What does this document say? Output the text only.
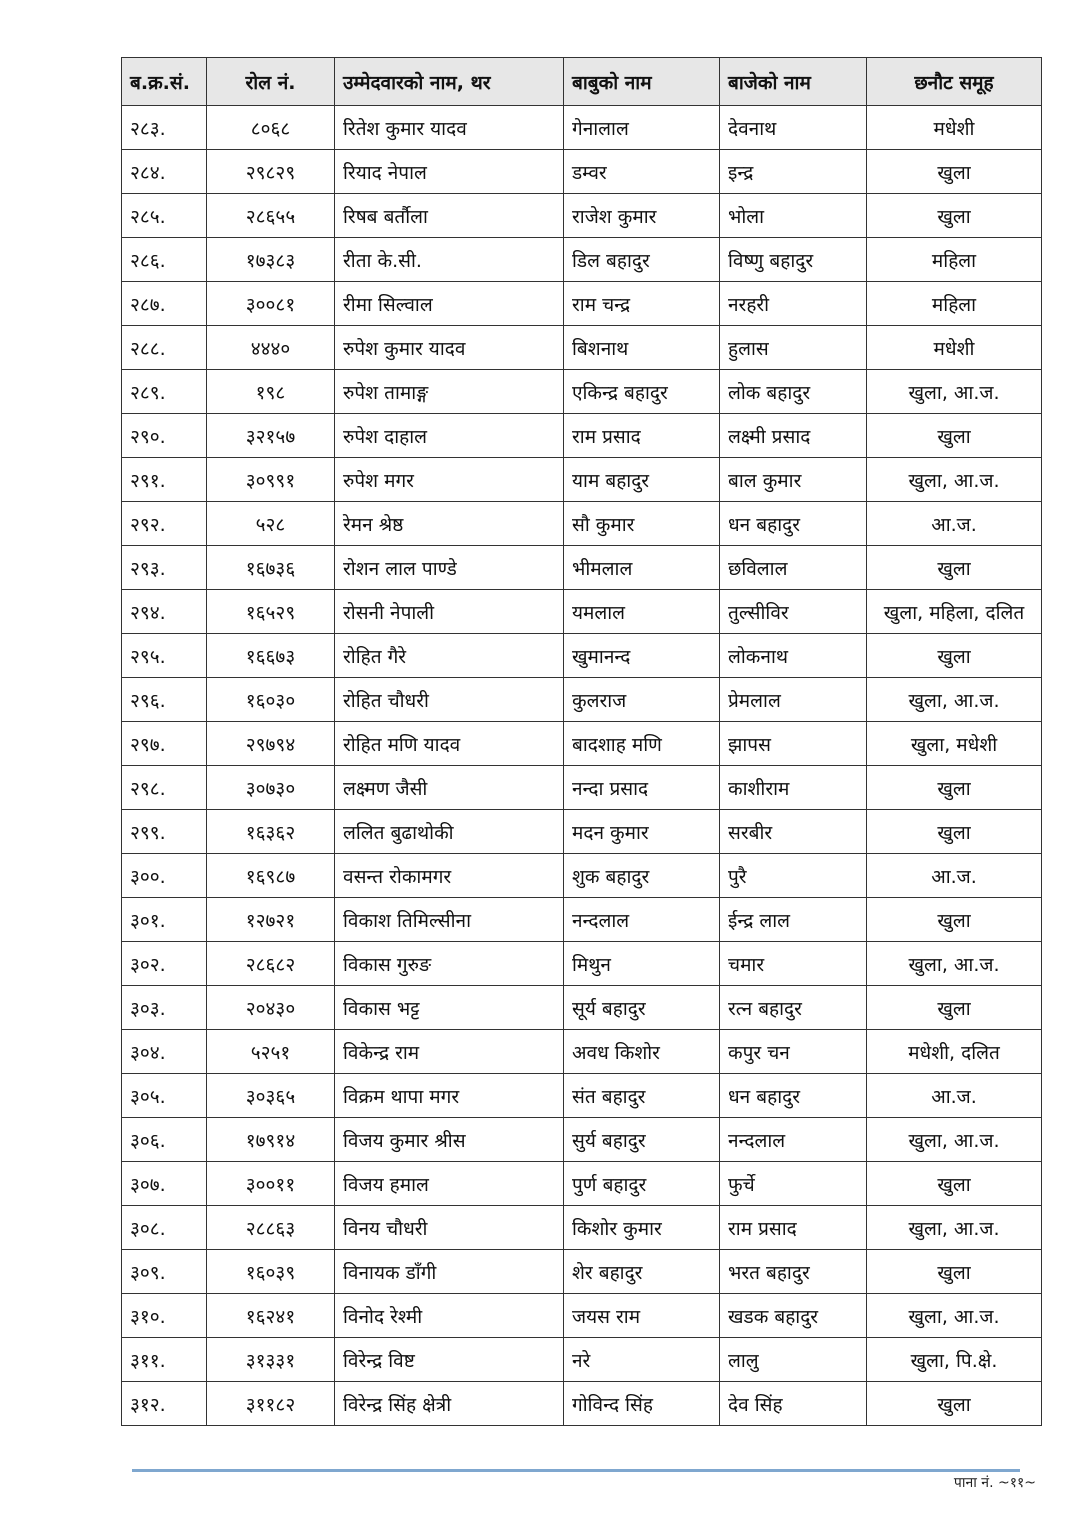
ब.क्र.सं.	रोल नं.	उम्मेदवारको नाम, थर	बाबुको नाम	बाजेको नाम	छनौट समूह
२८३.	८०६८	रितेश कुमार यादव	गेनालाल	देवनाथ	मधेशी
२८४.	२९८२९	रियाद नेपाल	डम्वर	इन्द्र	खुला
२८५.	२८६५५	रिषब बर्तौला	राजेश कुमार	भोला	खुला
२८६.	१७३८३	रीता के.सी.	डिल बहादुर	विष्णु बहादुर	महिला
२८७.	३००८१	रीमा सिल्वाल	राम चन्द्र	नरहरी	महिला
२८८.	४४४०	रुपेश कुमार यादव	बिशनाथ	हुलास	मधेशी
२८९.	१९८	रुपेश तामाङ्ग	एकिन्द्र बहादुर	लोक बहादुर	खुला, आ.ज.
२९०.	३२१५७	रुपेश दाहाल	राम प्रसाद	लक्ष्मी प्रसाद	खुला
२९१.	३०९९१	रुपेश मगर	याम बहादुर	बाल कुमार	खुला, आ.ज.
२९२.	५२८	रेमन श्रेष्ठ	सौ कुमार	धन बहादुर	आ.ज.
२९३.	१६७३६	रोशन लाल पाण्डे	भीमलाल	छविलाल	खुला
२९४.	१६५२९	रोसनी नेपाली	यमलाल	तुल्सीविर	खुला, महिला, दलित
२९५.	१६६७३	रोहित गैरे	खुमानन्द	लोकनाथ	खुला
२९६.	१६०३०	रोहित चौधरी	कुलराज	प्रेमलाल	खुला, आ.ज.
२९७.	२९७९४	रोहित मणि यादव	बादशाह मणि	झापस	खुला, मधेशी
२९८.	३०७३०	लक्ष्मण जैसी	नन्दा प्रसाद	काशीराम	खुला
२९९.	१६३६२	ललित बुढाथोकी	मदन कुमार	सरबीर	खुला
३००.	१६९८७	वसन्त रोकामगर	शुक बहादुर	पुरै	आ.ज.
३०१.	१२७२१	विकाश तिमिल्सीना	नन्दलाल	ईन्द्र लाल	खुला
३०२.	२८६८२	विकास गुरुङ	मिथुन	चमार	खुला, आ.ज.
३०३.	२०४३०	विकास भट्ट	सूर्य बहादुर	रत्न बहादुर	खुला
३०४.	५२५१	विकेन्द्र राम	अवध किशोर	कपुर चन	मधेशी, दलित
३०५.	३०३६५	विक्रम थापा मगर	संत बहादुर	धन बहादुर	आ.ज.
३०६.	१७९१४	विजय कुमार श्रीस	सुर्य बहादुर	नन्दलाल	खुला, आ.ज.
३०७.	३००११	विजय हमाल	पुर्ण बहादुर	फुर्चे	खुला
३०८.	२८८६३	विनय चौधरी	किशोर कुमार	राम प्रसाद	खुला, आ.ज.
३०९.	१६०३९	विनायक डाँगी	शेर बहादुर	भरत बहादुर	खुला
३१०.	१६२४१	विनोद रेश्मी	जयस राम	खडक बहादुर	खुला, आ.ज.
३११.	३१३३१	विरेन्द्र विष्ट	नरे	लालु	खुला, पि.क्षे.
३१२.	३११८२	विरेन्द्र सिंह क्षेत्री	गोविन्द सिंह	देव सिंह	खुला
पाना नं. ~११~
